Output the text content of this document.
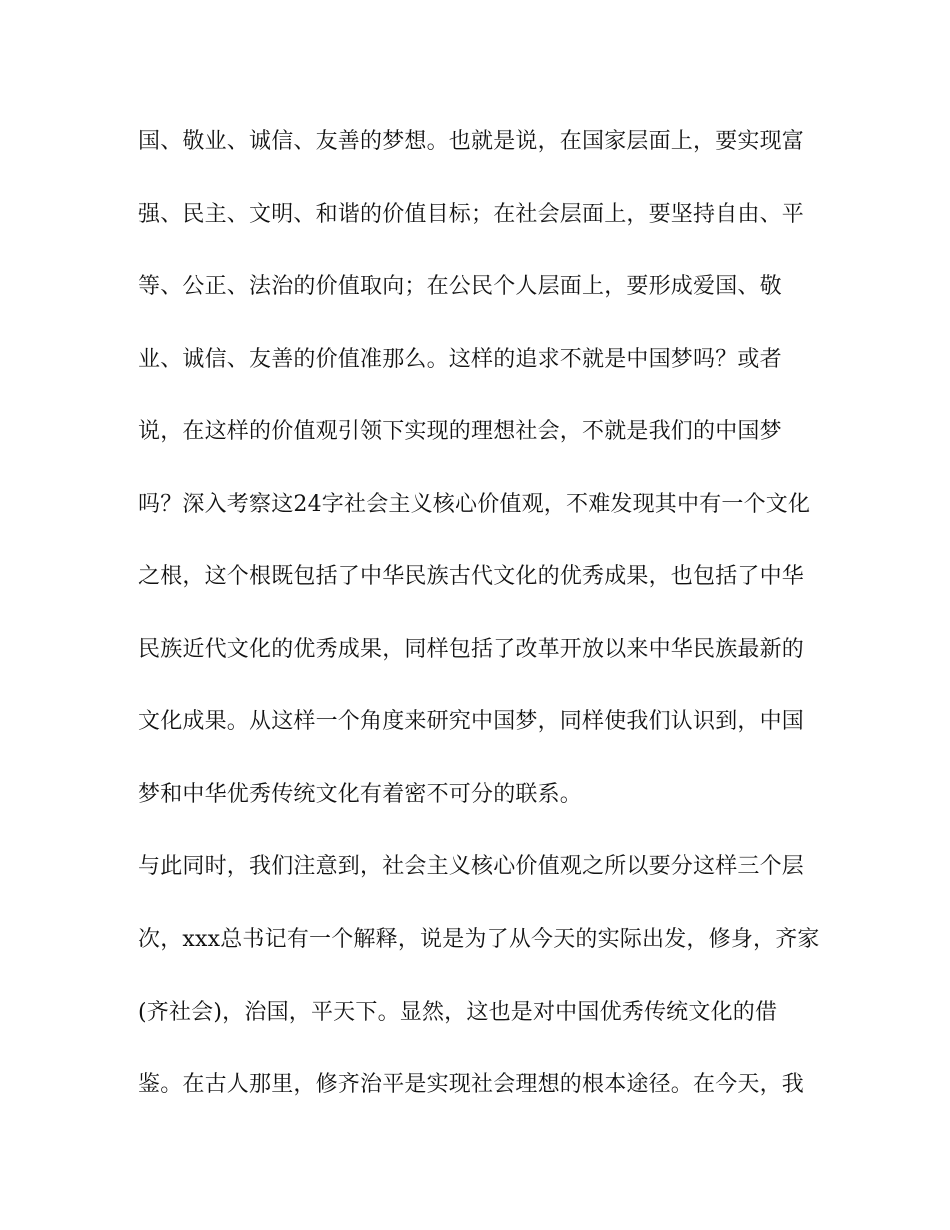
国、敬业、诚信、友善的梦想。也就是说，在国家层面上，要实现富
强、民主、文明、和谐的价值目标；在社会层面上，要坚持自由、平
等、公正、法治的价值取向；在公民个人层面上，要形成爱国、敬
业、诚信、友善的价值准那么。这样的追求不就是中国梦吗？或者
说，在这样的价值观引领下实现的理想社会，不就是我们的中国梦
吗？深入考察这24字社会主义核心价值观，不难发现其中有一个文化
之根，这个根既包括了中华民族古代文化的优秀成果，也包括了中华
民族近代文化的优秀成果，同样包括了改革开放以来中华民族最新的
文化成果。从这样一个角度来研究中国梦，同样使我们认识到，中国
梦和中华优秀传统文化有着密不可分的联系。
与此同时，我们注意到，社会主义核心价值观之所以要分这样三个层
次，xxx总书记有一个解释，说是为了从今天的实际出发，修身，齐家
(齐社会)，治国，平天下。显然，这也是对中国优秀传统文化的借
鉴。在古人那里，修齐治平是实现社会理想的根本途径。在今天，我
